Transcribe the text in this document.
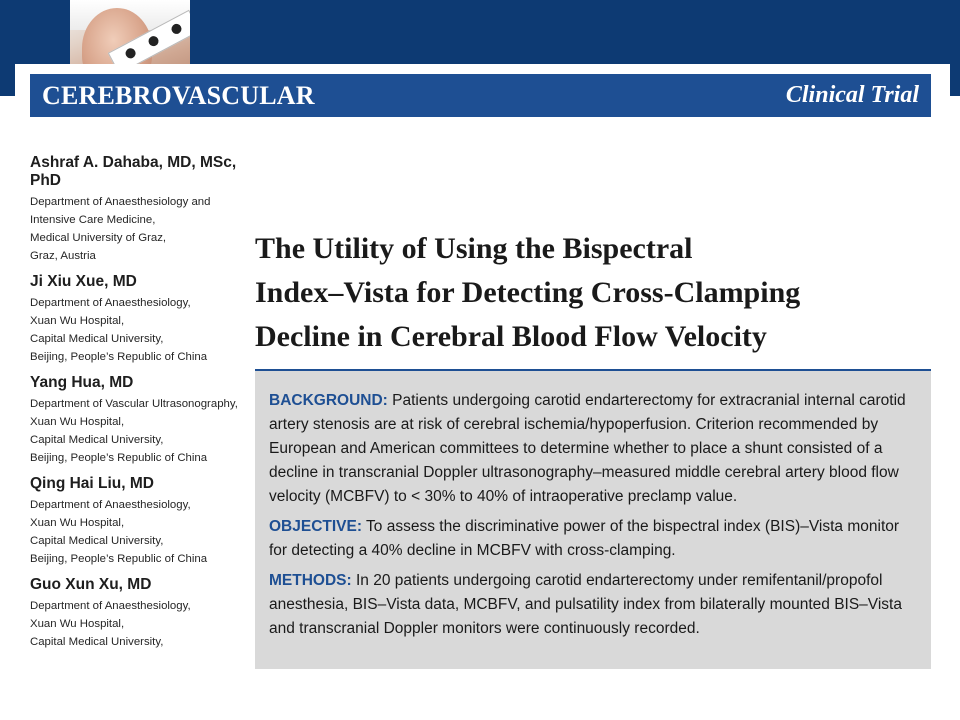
CEREBROVASCULAR	Clinical Trial
Ashraf A. Dahaba, MD, MSc, PhD
Department of Anaesthesiology and
Intensive Care Medicine,
Medical University of Graz,
Graz, Austria
Ji Xiu Xue, MD
Department of Anaesthesiology,
Xuan Wu Hospital,
Capital Medical University,
Beijing, People’s Republic of China
Yang Hua, MD
Department of Vascular Ultrasonography,
Xuan Wu Hospital,
Capital Medical University,
Beijing, People’s Republic of China
Qing Hai Liu, MD
Department of Anaesthesiology,
Xuan Wu Hospital,
Capital Medical University,
Beijing, People’s Republic of China
Guo Xun Xu, MD
Department of Anaesthesiology,
Xuan Wu Hospital,
Capital Medical University,
The Utility of Using the Bispectral
Index–Vista for Detecting Cross-Clamping
Decline in Cerebral Blood Flow Velocity

BACKGROUND: Patients undergoing carotid endarterectomy for extracranial internal carotid artery stenosis are at risk of cerebral ischemia/hypoperfusion. Criterion recommended by European and American committees to determine whether to place a shunt consisted of a decline in transcranial Doppler ultrasonography–measured middle cerebral artery blood flow velocity (MCBFV) to < 30% to 40% of intraoperative preclamp value.

OBJECTIVE: To assess the discriminative power of the bispectral index (BIS)–Vista monitor for detecting a 40% decline in MCBFV with cross-clamping.

METHODS: In 20 patients undergoing carotid endarterectomy under remifentanil/propofol anesthesia, BIS–Vista data, MCBFV, and pulsatility index from bilaterally mounted BIS–Vista and transcranial Doppler monitors were continuously recorded.
